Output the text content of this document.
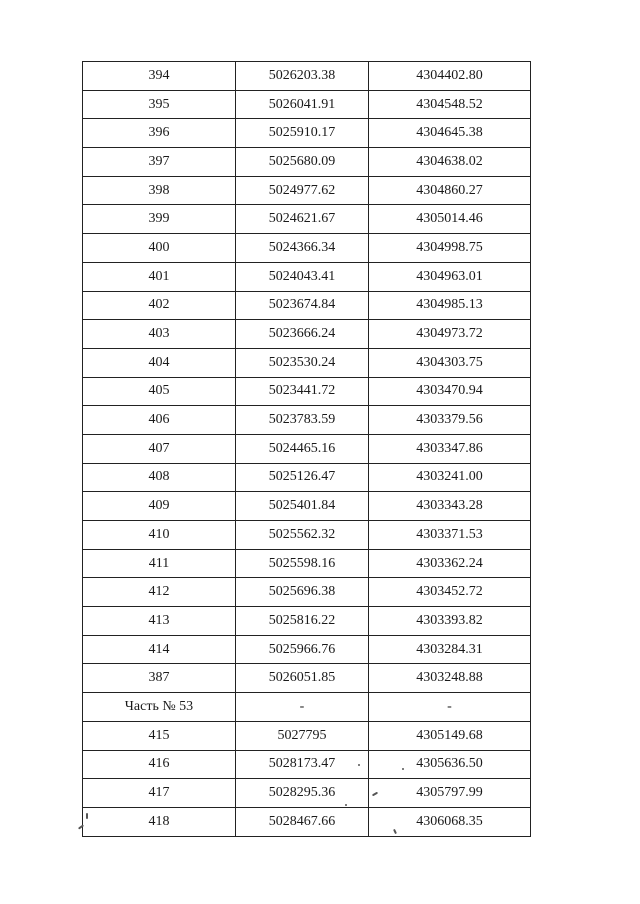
394	5026203.38	4304402.80
395	5026041.91	4304548.52
396	5025910.17	4304645.38
397	5025680.09	4304638.02
398	5024977.62	4304860.27
399	5024621.67	4305014.46
400	5024366.34	4304998.75
401	5024043.41	4304963.01
402	5023674.84	4304985.13
403	5023666.24	4304973.72
404	5023530.24	4304303.75
405	5023441.72	4303470.94
406	5023783.59	4303379.56
407	5024465.16	4303347.86
408	5025126.47	4303241.00
409	5025401.84	4303343.28
410	5025562.32	4303371.53
411	5025598.16	4303362.24
412	5025696.38	4303452.72
413	5025816.22	4303393.82
414	5025966.76	4303284.31
387	5026051.85	4303248.88
Часть № 53	-	-
415	5027795	4305149.68
416	5028173.47	4305636.50
417	5028295.36	4305797.99
418	5028467.66	4306068.35
